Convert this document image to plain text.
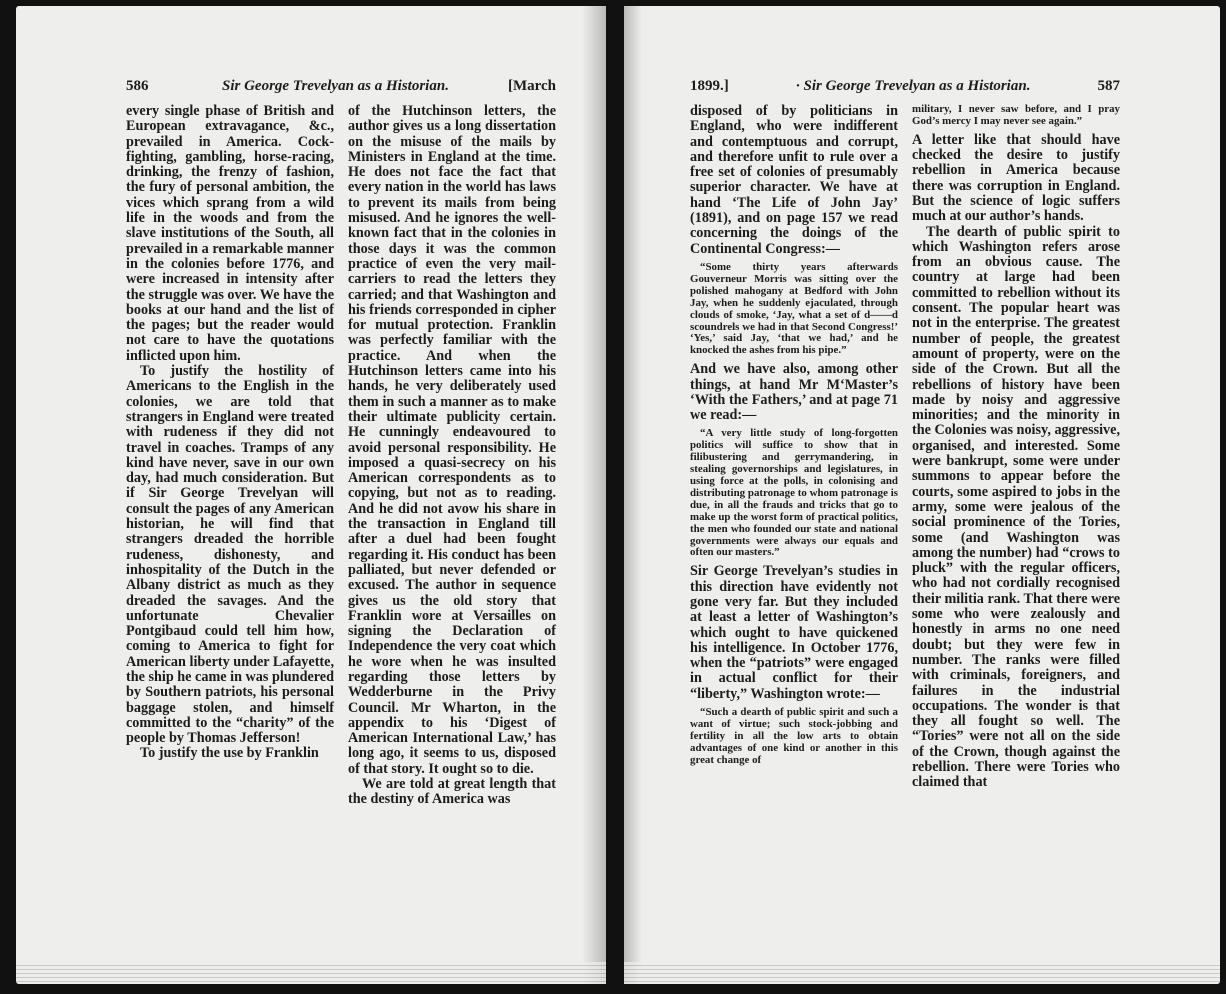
586	Sir George Trevelyan as a Historian.	[March

every single phase of British and European extravagance, &c., prevailed in America. Cock-fighting, gambling, horse-racing, drinking, the frenzy of fashion, the fury of personal ambition, the vices which sprang from a wild life in the woods and from the slave institutions of the South, all prevailed in a remarkable manner in the colonies before 1776, and were increased in intensity after the struggle was over. We have the books at our hand and the list of the pages; but the reader would not care to have the quotations inflicted upon him.

To justify the hostility of Americans to the English in the colonies, we are told that strangers in England were treated with rudeness if they did not travel in coaches. Tramps of any kind have never, save in our own day, had much consideration. But if Sir George Trevelyan will consult the pages of any American historian, he will find that strangers dreaded the horrible rudeness, dishonesty, and inhospitality of the Dutch in the Albany district as much as they dreaded the savages. And the unfortunate Chevalier Pontgibaud could tell him how, coming to America to fight for American liberty under Lafayette, the ship he came in was plundered by Southern patriots, his personal baggage stolen, and himself committed to the “charity” of the people by Thomas Jefferson!

To justify the use by Franklin

of the Hutchinson letters, the author gives us a long dissertation on the misuse of the mails by Ministers in England at the time. He does not face the fact that every nation in the world has laws to prevent its mails from being misused. And he ignores the well-known fact that in the colonies in those days it was the common practice of even the very mail-carriers to read the letters they carried; and that Washington and his friends corresponded in cipher for mutual protection. Franklin was perfectly familiar with the practice. And when the Hutchinson letters came into his hands, he very deliberately used them in such a manner as to make their ultimate publicity certain. He cunningly endeavoured to avoid personal responsibility. He imposed a quasi-secrecy on his American correspondents as to copying, but not as to reading. And he did not avow his share in the transaction in England till after a duel had been fought regarding it. His conduct has been palliated, but never defended or excused. The author in sequence gives us the old story that Franklin wore at Versailles on signing the Declaration of Independence the very coat which he wore when he was insulted regarding those letters by Wedderburne in the Privy Council. Mr Wharton, in the appendix to his ‘Digest of American International Law,’ has long ago, it seems to us, disposed of that story. It ought so to die.

We are told at great length that the destiny of America was

1899.]	· Sir George Trevelyan as a Historian.	587

disposed of by politicians in England, who were indifferent and contemptuous and corrupt, and therefore unfit to rule over a free set of colonies of presumably superior character. We have at hand ‘The Life of John Jay’ (1891), and on page 157 we read concerning the doings of the Continental Congress:—

“Some thirty years afterwards Gouverneur Morris was sitting over the polished mahogany at Bedford with John Jay, when he suddenly ejaculated, through clouds of smoke, ‘Jay, what a set of d——d scoundrels we had in that Second Congress!’ ‘Yes,’ said Jay, ‘that we had,’ and he knocked the ashes from his pipe.”

And we have also, among other things, at hand Mr M‘Master’s ‘With the Fathers,’ and at page 71 we read:—

“A very little study of long-forgotten politics will suffice to show that in filibustering and gerrymandering, in stealing governorships and legislatures, in using force at the polls, in colonising and distributing patronage to whom patronage is due, in all the frauds and tricks that go to make up the worst form of practical politics, the men who founded our state and national governments were always our equals and often our masters.”

Sir George Trevelyan’s studies in this direction have evidently not gone very far. But they included at least a letter of Washington’s which ought to have quickened his intelligence. In October 1776, when the “patriots” were engaged in actual conflict for their “liberty,” Washington wrote:—

“Such a dearth of public spirit and such a want of virtue; such stock-jobbing and fertility in all the low arts to obtain advantages of one kind or another in this great change of

military, I never saw before, and I pray God’s mercy I may never see again.”

A letter like that should have checked the desire to justify rebellion in America because there was corruption in England. But the science of logic suffers much at our author’s hands.

The dearth of public spirit to which Washington refers arose from an obvious cause. The country at large had been committed to rebellion without its consent. The popular heart was not in the enterprise. The greatest number of people, the greatest amount of property, were on the side of the Crown. But all the rebellions of history have been made by noisy and aggressive minorities; and the minority in the Colonies was noisy, aggressive, organised, and interested. Some were bankrupt, some were under summons to appear before the courts, some aspired to jobs in the army, some were jealous of the social prominence of the Tories, some (and Washington was among the number) had “crows to pluck” with the regular officers, who had not cordially recognised their militia rank. That there were some who were zealously and honestly in arms no one need doubt; but they were few in number. The ranks were filled with criminals, foreigners, and failures in the industrial occupations. The wonder is that they all fought so well. The “Tories” were not all on the side of the Crown, though against the rebellion. There were Tories who claimed that
